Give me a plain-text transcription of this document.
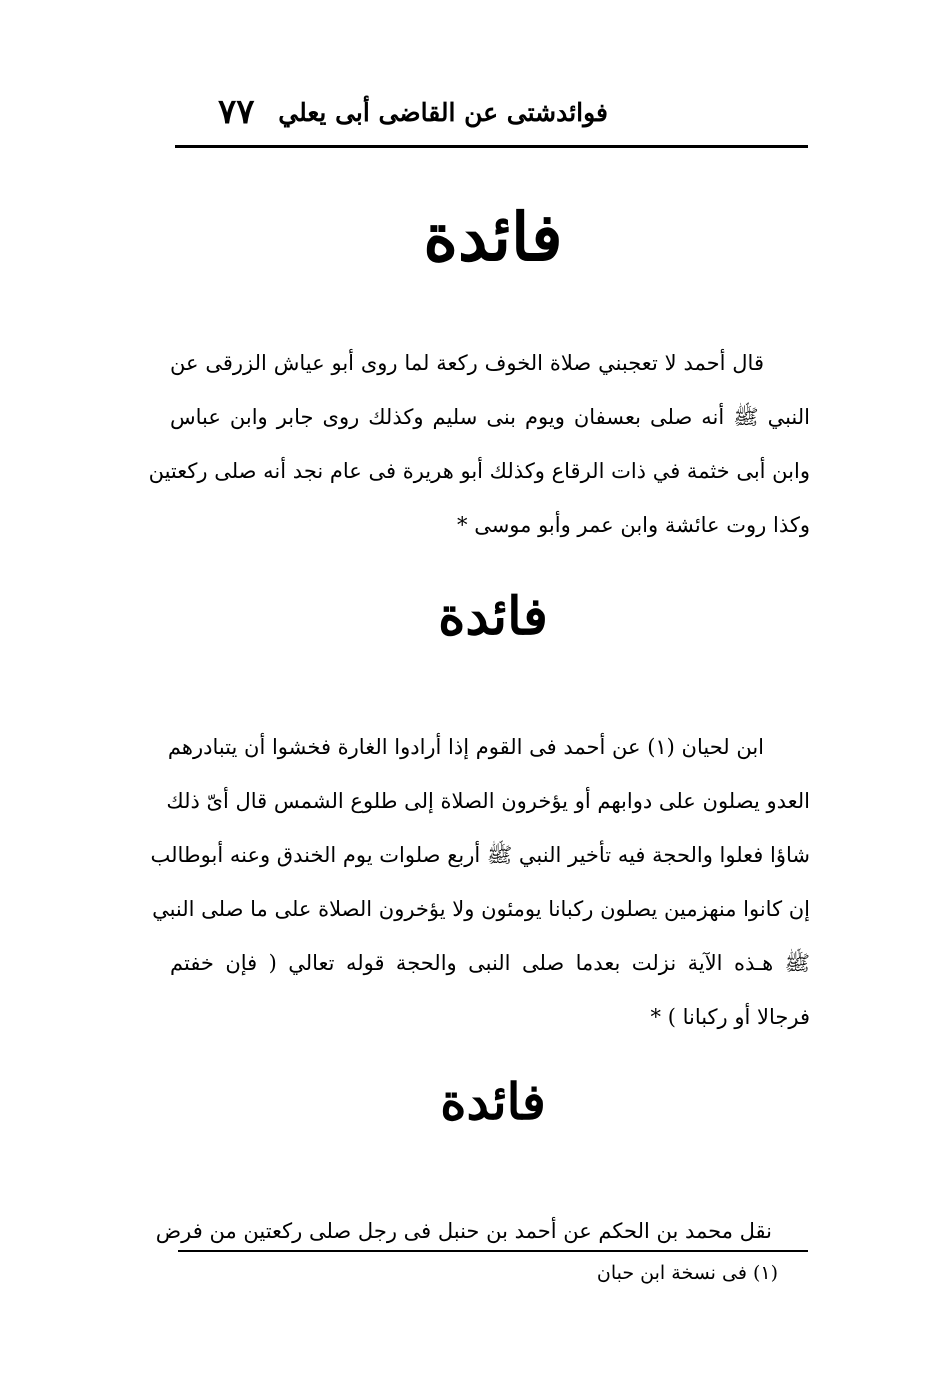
فوائدشتى عن القاضى أبى يعلي
٧٧
فائدة
قال أحمد لا تعجبني صلاة الخوف ركعة لما روى أبو عياش الزرقى عن
النبي ﷺ أنه صلى بعسفان ويوم بنى سليم وكذلك روى جابر وابن عباس
وابن أبى خثمة في ذات الرقاع وكذلك أبو هريرة فى عام نجد أنه صلى ركعتين
وكذا روت عائشة وابن عمر وأبو موسى *
فائدة
ابن لحيان (١) عن أحمد فى القوم إذا أرادوا الغارة فخشوا أن يتبادرهم
العدو يصلون على دوابهم أو يؤخرون الصلاة إلى طلوع الشمس قال أىّ ذلك
شاؤا فعلوا والحجة فيه تأخير النبي ﷺ أربع صلوات يوم الخندق وعنه أبوطالب
إن كانوا منهزمين يصلون ركبانا يومئون ولا يؤخرون الصلاة على ما صلى النبي
ﷺ هـذه الآية نزلت بعدما صلى النبى والحجة قوله تعالي ( فإن خفتم
فرجالا أو ركبانا ) *
فائدة
نقل محمد بن الحكم عن أحمد بن حنبل فى رجل صلى ركعتين من فرض
(١) فى نسخة ابن حبان
